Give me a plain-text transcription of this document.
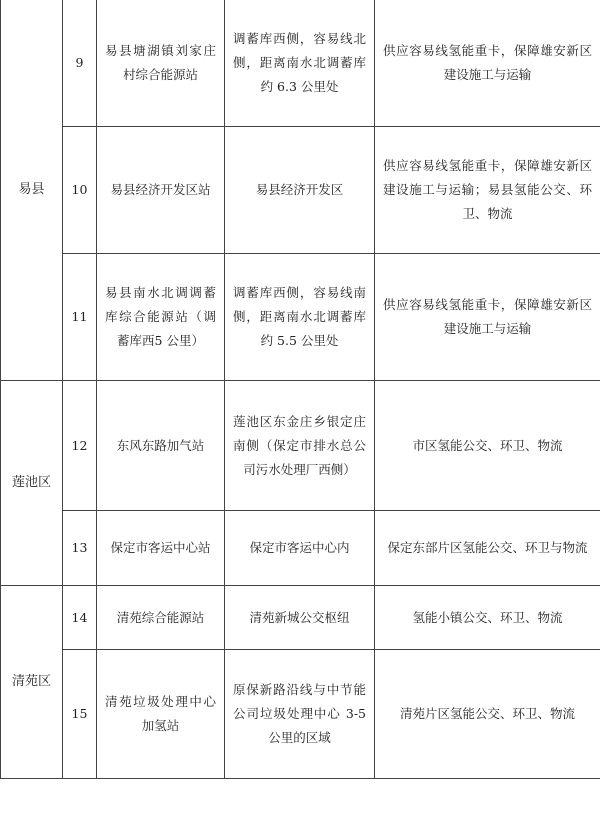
易县	9	易县塘湖镇刘家庄村综合能源站	调蓄库西侧，容易线北侧，距离南水北调蓄库约 6.3 公里处	供应容易线氢能重卡，保障雄安新区建设施工与运输
	10	易县经济开发区站	易县经济开发区	供应容易线氢能重卡，保障雄安新区建设施工与运输；易县氢能公交、环卫、物流
	11	易县南水北调调蓄库综合能源站（调蓄库西5 公里）	调蓄库西侧，容易线南侧，距离南水北调蓄库约 5.5 公里处	供应容易线氢能重卡，保障雄安新区建设施工与运输
莲池区	12	东风东路加气站	莲池区东金庄乡银定庄南侧（保定市排水总公司污水处理厂西侧）	市区氢能公交、环卫、物流
	13	保定市客运中心站	保定市客运中心内	保定东部片区氢能公交、环卫与物流
清苑区	14	清苑综合能源站	清苑新城公交枢纽	氢能小镇公交、环卫、物流
	15	清苑垃圾处理中心加氢站	原保新路沿线与中节能公司垃圾处理中心 3-5 公里的区域	清苑片区氢能公交、环卫、物流
